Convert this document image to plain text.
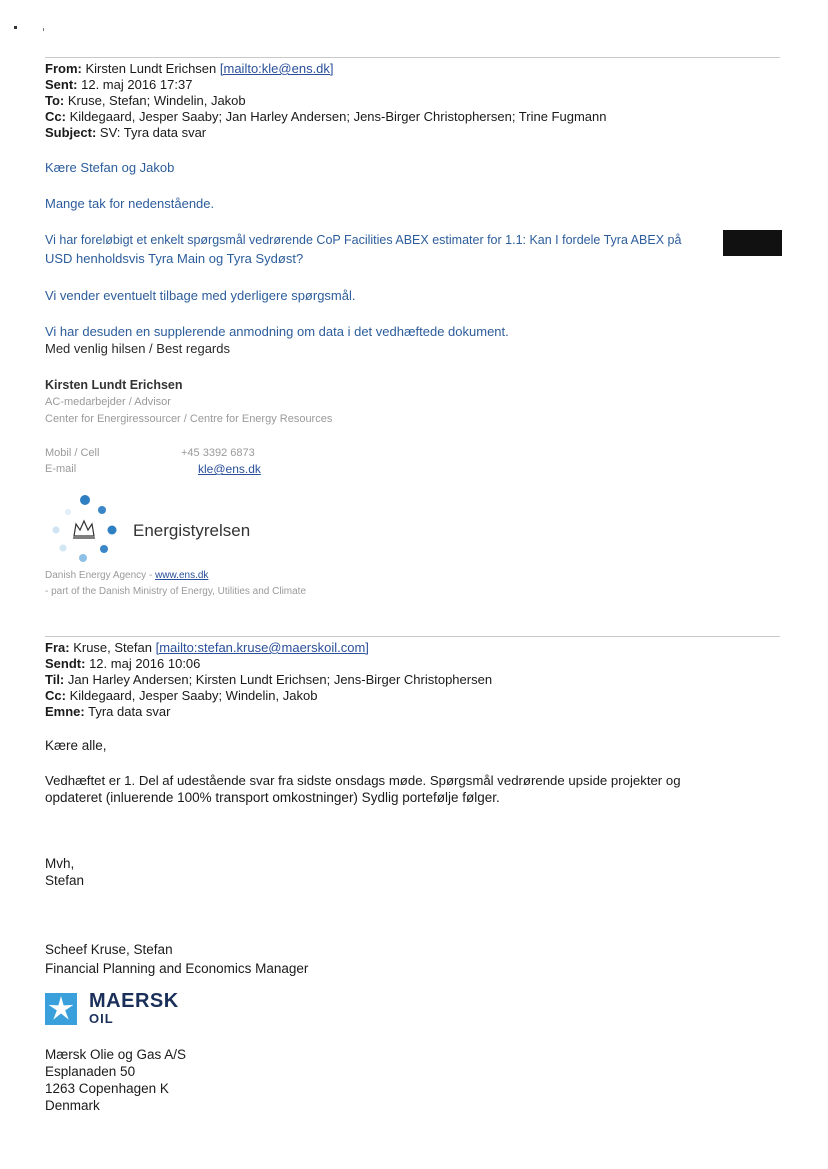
From: Kirsten Lundt Erichsen [mailto:kle@ens.dk]
Sent: 12. maj 2016 17:37
To: Kruse, Stefan; Windelin, Jakob
Cc: Kildegaard, Jesper Saaby; Jan Harley Andersen; Jens-Birger Christophersen; Trine Fugmann
Subject: SV: Tyra data svar
Kære Stefan og Jakob
Mange tak for nedenstående.
Vi har foreløbigt et enkelt spørgsmål vedrørende CoP Facilities ABEX estimater for 1.1: Kan I fordele Tyra ABEX på
USD henholdsvis Tyra Main og Tyra Sydøst?
Vi vender eventuelt tilbage med yderligere spørgsmål.
Vi har desuden en supplerende anmodning om data i det vedhæftede dokument.
Med venlig hilsen / Best regards
Kirsten Lundt Erichsen
AC-medarbejder / Advisor
Center for Energiressourcer / Centre for Energy Resources
Mobil / Cell	+45 3392 6873
E-mail	kle@ens.dk
Energistyrelsen
Danish Energy Agency - www.ens.dk
- part of the Danish Ministry of Energy, Utilities and Climate
Fra: Kruse, Stefan [mailto:stefan.kruse@maerskoil.com]
Sendt: 12. maj 2016 10:06
Til: Jan Harley Andersen; Kirsten Lundt Erichsen; Jens-Birger Christophersen
Cc: Kildegaard, Jesper Saaby; Windelin, Jakob
Emne: Tyra data svar
Kære alle,
Vedhæftet er 1. Del af udestående svar fra sidste onsdags møde. Spørgsmål vedrørende upside projekter og
opdateret (inluerende 100% transport omkostninger) Sydlig portefølje følger.
Mvh,
Stefan
Scheef Kruse, Stefan
Financial Planning and Economics Manager
MAERSK
OIL
Mærsk Olie og Gas A/S
Esplanaden 50
1263 Copenhagen K
Denmark
